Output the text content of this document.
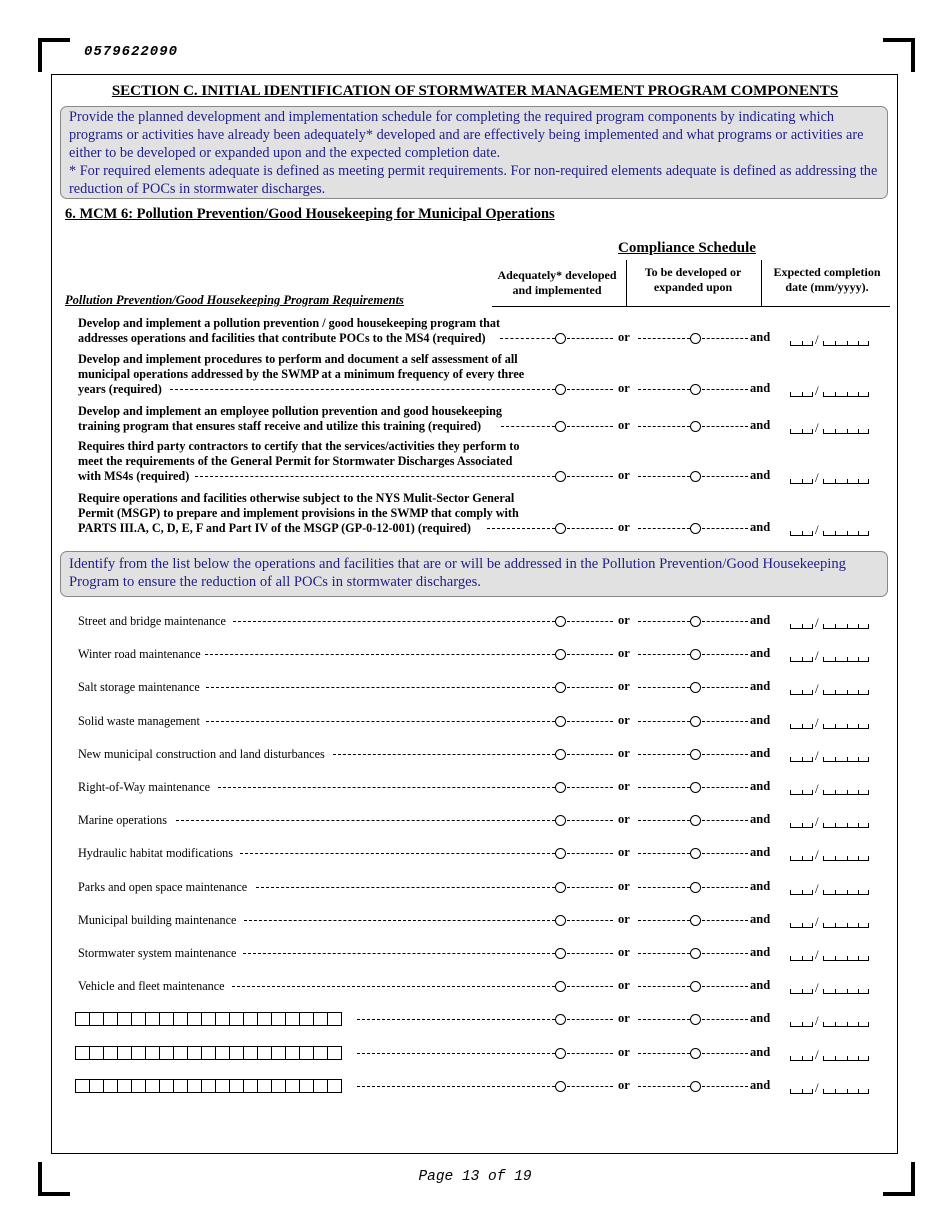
0579622090
SECTION C. INITIAL IDENTIFICATION OF STORMWATER MANAGEMENT PROGRAM COMPONENTS
Provide the planned development and implementation schedule for completing the required program components by indicating which programs or activities have already been adequately* developed and are effectively being implemented and what programs or activities are either to be developed or expanded upon and the expected completion date.
* For required elements adequate is defined as meeting permit requirements. For non-required elements adequate is defined as addressing the reduction of POCs in stormwater discharges.
6. MCM 6: Pollution Prevention/Good Housekeeping for Municipal Operations
Compliance Schedule
Adequately* developed and implemented
To be developed or expanded upon
Expected completion date (mm/yyyy).
Pollution Prevention/Good Housekeeping Program Requirements
Develop and implement a pollution prevention / good housekeeping program that
addresses operations and facilities that contribute POCs to the MS4 (required)	or	and	/
Develop and implement procedures to perform and document a self assessment of all
municipal operations addressed by the SWMP at a minimum frequency of every three
years (required)	or	and	/
Develop and implement an employee pollution prevention and good housekeeping
training program that ensures staff receive and utilize this training (required)	or	and	/
Requires third party contractors to certify that the services/activities they perform to
meet the requirements of the General Permit for Stormwater Discharges Associated
with MS4s (required)	or	and	/
Require operations and facilities otherwise subject to the NYS Mulit-Sector General
Permit (MSGP) to prepare and implement provisions in the SWMP that comply with
PARTS III.A, C, D, E, F and Part IV of the MSGP (GP-0-12-001) (required)	or	and	/
Identify from the list below the operations and facilities that are or will be addressed in the Pollution Prevention/Good Housekeeping Program to ensure the reduction of all POCs in stormwater discharges.
Street and bridge maintenance	or	and	/
Winter road maintenance	or	and	/
Salt storage maintenance	or	and	/
Solid waste management	or	and	/
New municipal construction and land disturbances	or	and	/
Right-of-Way maintenance	or	and	/
Marine operations	or	and	/
Hydraulic habitat modifications	or	and	/
Parks and open space maintenance	or	and	/
Municipal building maintenance	or	and	/
Stormwater system maintenance	or	and	/
Vehicle and fleet maintenance	or	and	/
or	and	/
or	and	/
or	and	/
Page 13 of 19
